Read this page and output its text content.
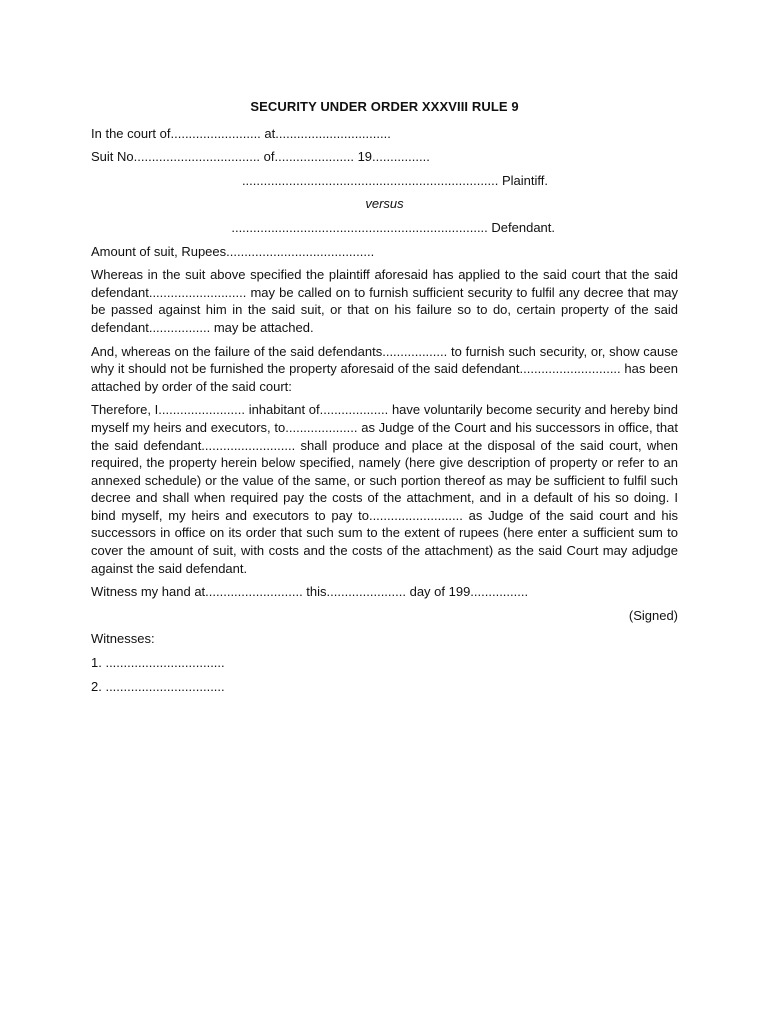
SECURITY UNDER ORDER XXXVIII RULE 9
In the court of......................... at................................
Suit No................................... of...................... 19................
....................................................................... Plaintiff.
versus
....................................................................... Defendant.
Amount of suit, Rupees.........................................
Whereas in the suit above specified the plaintiff aforesaid has applied to the said court that the said defendant........................... may be called on to furnish sufficient security to fulfil any decree that may be passed against him in the said suit, or that on his failure so to do, certain property of the said defendant................. may be attached.
And, whereas on the failure of the said defendants.................. to furnish such security, or, show cause why it should not be furnished the property aforesaid of the said defendant............................ has been attached by order of the said court:
Therefore, I........................ inhabitant of................... have voluntarily become security and hereby bind myself my heirs and executors, to.................... as Judge of the Court and his successors in office, that the said defendant.......................... shall produce and place at the disposal of the said court, when required, the property herein below specified, namely (here give description of property or refer to an annexed schedule) or the value of the same, or such portion thereof as may be sufficient to fulfil such decree and shall when required pay the costs of the attachment, and in a default of his so doing. I bind myself, my heirs and executors to pay to.......................... as Judge of the said court and his successors in office on its order that such sum to the extent of rupees (here enter a sufficient sum to cover the amount of suit, with costs and the costs of the attachment) as the said Court may adjudge against the said defendant.
Witness my hand at........................... this...................... day of 199................
(Signed)
Witnesses:
1. .................................
2. .................................
